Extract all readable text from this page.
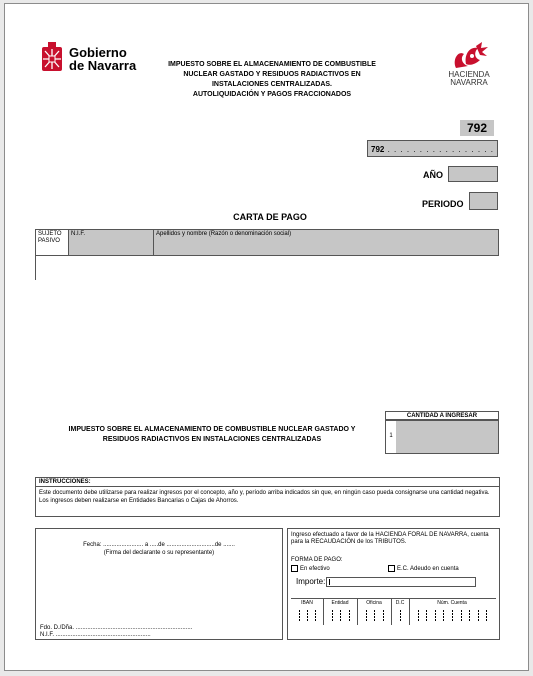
Gobierno
de Navarra	IMPUESTO SOBRE EL ALMACENAMIENTO DE COMBUSTIBLE
NUCLEAR GASTADO Y RESIDUOS RADIACTIVOS EN
INSTALACIONES CENTRALIZADAS.
AUTOLIQUIDACIÓN Y PAGOS FRACCIONADOS
HACIENDA
NAVARRA
792
792 . . . . . . . . . . . . . . . . .
AÑO
PERIODO
CARTA DE PAGO
SUJETO PASIVO
N.I.F.	Apellidos y nombre (Razón o denominación social)
IMPUESTO SOBRE EL ALMACENAMIENTO DE COMBUSTIBLE NUCLEAR GASTADO Y
RESIDUOS RADIACTIVOS EN INSTALACIONES CENTRALIZADAS
CANTIDAD A INGRESAR
1
INSTRUCCIONES:
Este documento debe utilizarse para realizar ingresos por el concepto, año y, período arriba indicados sin que, en ningún caso pueda consignarse una cantidad negativa. Los ingresos deben realizarse en Entidades Bancarias o Cajas de Ahorros.
Fecha: ........................ a .....de .............................de .......
(Firma del declarante o su representante)
Fdo. D./Dña. ......................................................................
N.I.F. .........................................................
Ingreso efectuado a favor de la HACIENDA FORAL DE NAVARRA, cuenta para la RECAUDACIÓN de los TRIBUTOS.
FORMA DE PAGO:
En efectivo	E.C. Adeudo en cuenta
Importe:
IBAN	Entidad	Oficina	D.C	Núm. Cuenta
